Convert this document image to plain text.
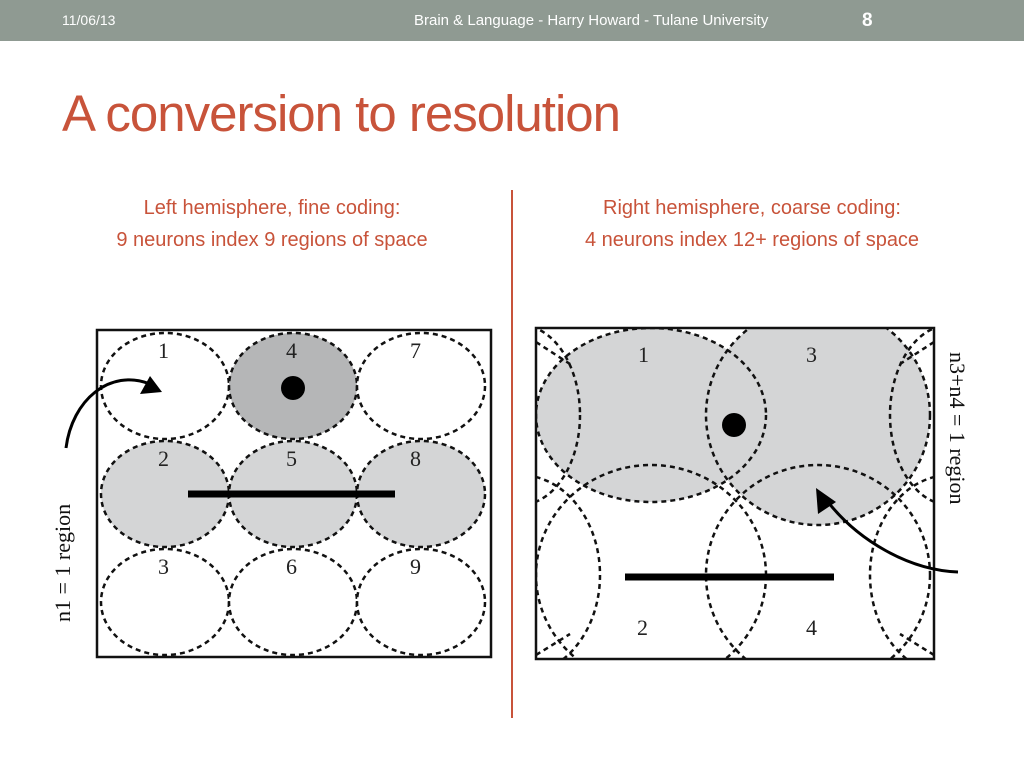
11/06/13	Brain & Language - Harry Howard - Tulane University	8
A conversion to resolution
Left hemisphere, fine coding:
9 neurons index 9 regions of space
Right hemisphere, coarse coding:
4 neurons index 12+ regions of space
1	4	7
2	5	8
3	6	9
n1 = 1 region
1	3
2	4
n3+n4 = 1 region
